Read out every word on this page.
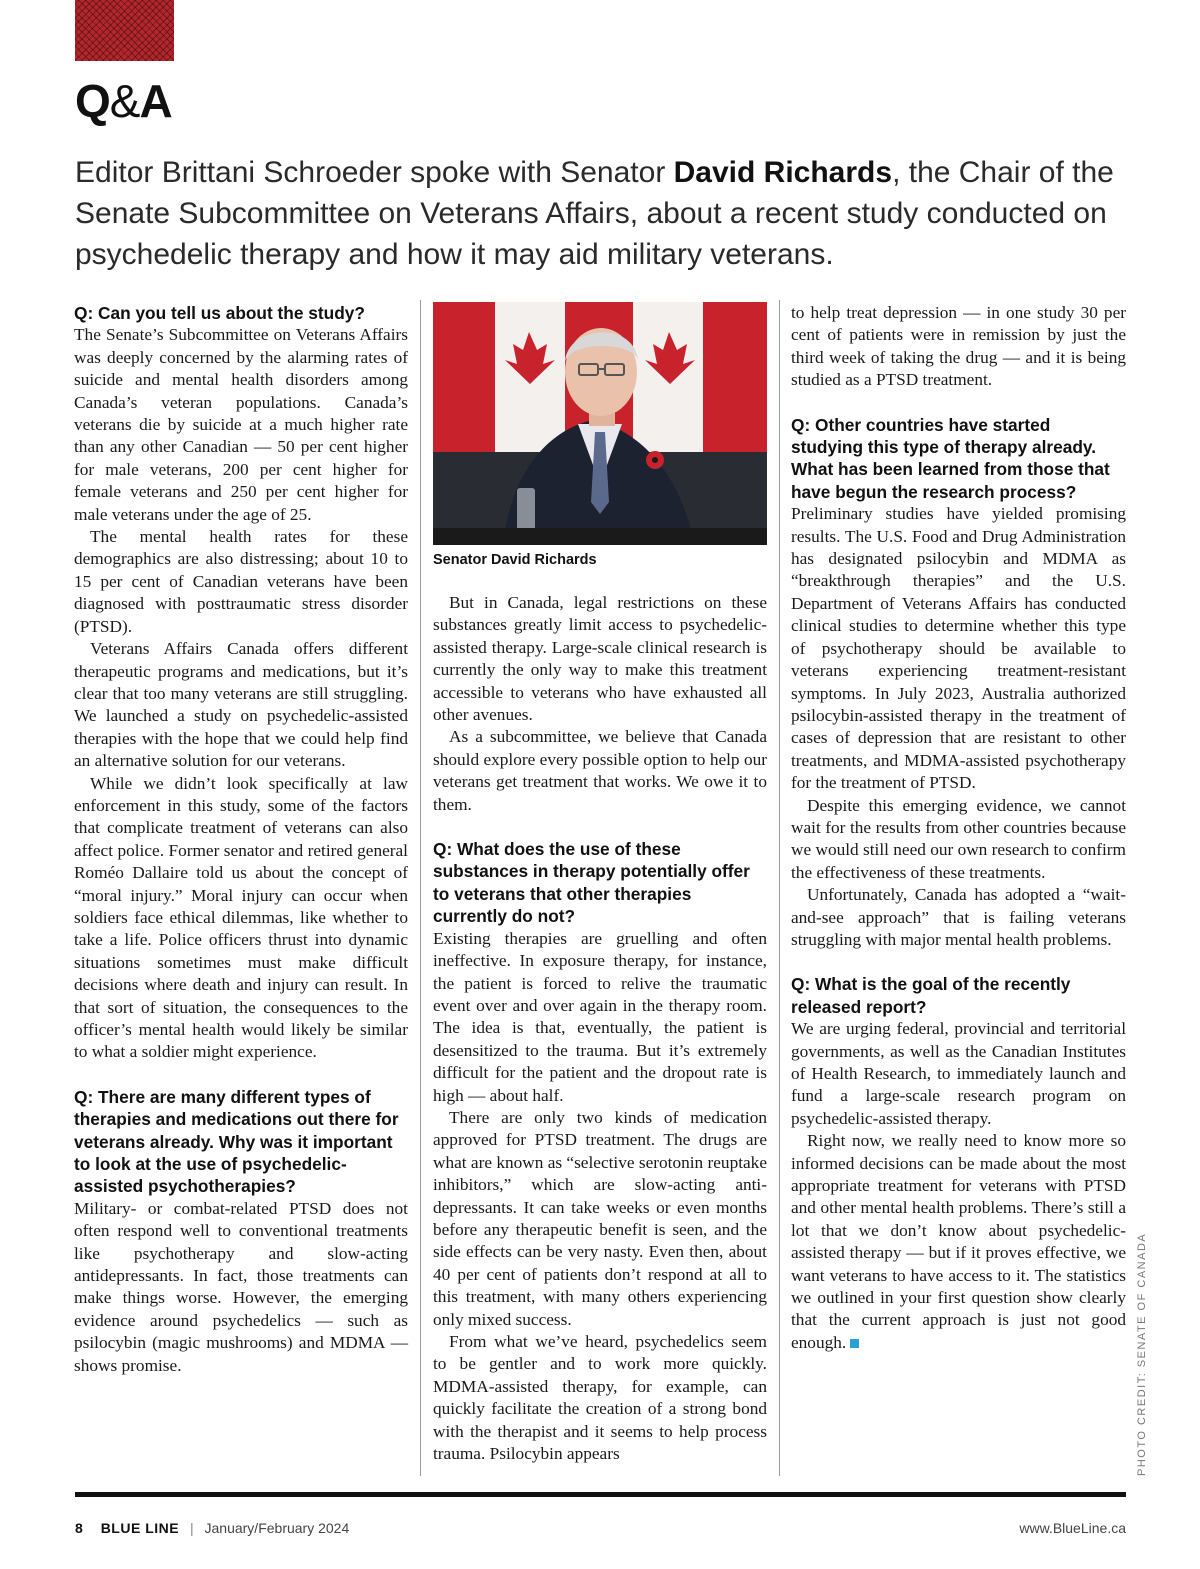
Q&A

Editor Brittani Schroeder spoke with Senator David Richards, the Chair of the Senate Subcommittee on Veterans Affairs, about a recent study conducted on psychedelic therapy and how it may aid military veterans.

Q: Can you tell us about the study?

The Senate’s Subcommittee on Veterans Affairs was deeply concerned by the alarming rates of suicide and mental health disorders among Canada’s veteran populations. Canada’s veterans die by suicide at a much higher rate than any other Canadian — 50 per cent higher for male veterans, 200 per cent higher for female veterans and 250 per cent higher for male veterans under the age of 25.

The mental health rates for these demographics are also distressing; about 10 to 15 per cent of Canadian veterans have been diagnosed with posttraumatic stress disorder (PTSD).

Veterans Affairs Canada offers different therapeutic programs and medications, but it’s clear that too many veterans are still struggling. We launched a study on psychedelic-assisted therapies with the hope that we could help find an alternative solution for our veterans.

While we didn’t look specifically at law enforcement in this study, some of the factors that complicate treatment of veterans can also affect police. Former senator and retired general Roméo Dallaire told us about the concept of “moral injury.” Moral injury can occur when soldiers face ethical dilemmas, like whether to take a life. Police officers thrust into dynamic situations sometimes must make difficult decisions where death and injury can result. In that sort of situation, the consequences to the officer’s mental health would likely be similar to what a soldier might experience.

Q: There are many different types of therapies and medications out there for veterans already. Why was it important to look at the use of psychedelic-assisted psychotherapies?

Military- or combat-related PTSD does not often respond well to conventional treatments like psychotherapy and slow-acting antidepressants. In fact, those treatments can make things worse. However, the emerging evidence around psychedelics — such as psilocybin (magic mushrooms) and MDMA — shows promise.

Senator David Richards

But in Canada, legal restrictions on these substances greatly limit access to psychedelic-assisted therapy. Large-scale clinical research is currently the only way to make this treatment accessible to veterans who have exhausted all other avenues.

As a subcommittee, we believe that Canada should explore every possible option to help our veterans get treatment that works. We owe it to them.

Q: What does the use of these substances in therapy potentially offer to veterans that other therapies currently do not?

Existing therapies are gruelling and often ineffective. In exposure therapy, for instance, the patient is forced to relive the traumatic event over and over again in the therapy room. The idea is that, eventually, the patient is desensitized to the trauma. But it’s extremely difficult for the patient and the dropout rate is high — about half.

There are only two kinds of medication approved for PTSD treatment. The drugs are what are known as “selective serotonin reuptake inhibitors,” which are slow-acting anti-depressants. It can take weeks or even months before any therapeutic benefit is seen, and the side effects can be very nasty. Even then, about 40 per cent of patients don’t respond at all to this treatment, with many others experiencing only mixed success.

From what we’ve heard, psychedelics seem to be gentler and to work more quickly. MDMA-assisted therapy, for example, can quickly facilitate the creation of a strong bond with the therapist and it seems to help process trauma. Psilocybin appears

to help treat depression — in one study 30 per cent of patients were in remission by just the third week of taking the drug — and it is being studied as a PTSD treatment.

Q: Other countries have started studying this type of therapy already. What has been learned from those that have begun the research process?

Preliminary studies have yielded promising results. The U.S. Food and Drug Administration has designated psilocybin and MDMA as “breakthrough therapies” and the U.S. Department of Veterans Affairs has conducted clinical studies to determine whether this type of psychotherapy should be available to veterans experiencing treatment-resistant symptoms. In July 2023, Australia authorized psilocybin-assisted therapy in the treatment of cases of depression that are resistant to other treatments, and MDMA-assisted psychotherapy for the treatment of PTSD.

Despite this emerging evidence, we cannot wait for the results from other countries because we would still need our own research to confirm the effectiveness of these treatments.

Unfortunately, Canada has adopted a “wait-and-see approach” that is failing veterans struggling with major mental health problems.

Q: What is the goal of the recently released report?

We are urging federal, provincial and territorial governments, as well as the Canadian Institutes of Health Research, to immediately launch and fund a large-scale research program on psychedelic-assisted therapy.

Right now, we really need to know more so informed decisions can be made about the most appropriate treatment for veterans with PTSD and other mental health problems. There’s still a lot that we don’t know about psychedelic-assisted therapy — but if it proves effective, we want veterans to have access to it. The statistics we outlined in your first question show clearly that the current approach is just not good enough.	PHOTO CREDIT: SENATE OF CANADA
8 BLUE LINE | January/February 2024	www.BlueLine.ca
